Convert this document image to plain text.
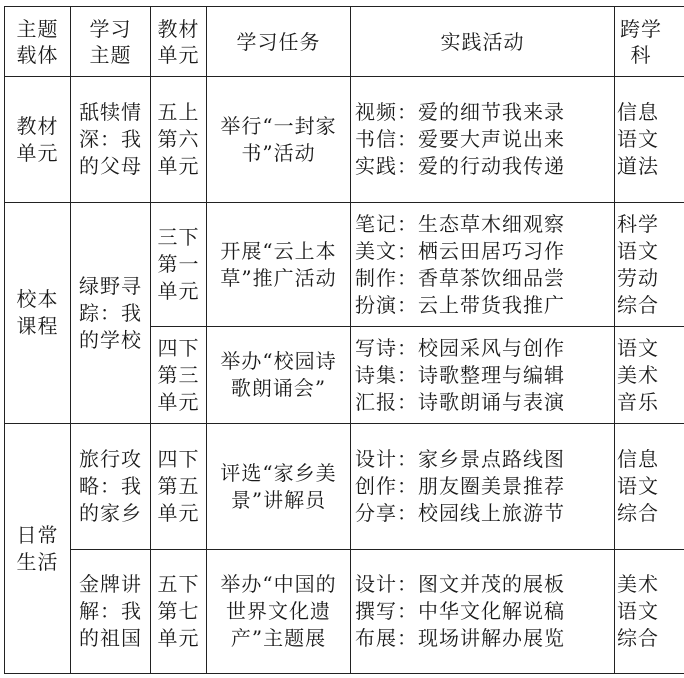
主题载体	学习主题	教材单元	学习任务	实践活动	跨学科

教材单元	舐犊情深：我的父母	五上第六单元	举行“一封家书”活动	视频：爱的细节我来录
书信：爱要大声说出来
实践：爱的行动我传递	信息
语文
道法

校本课程	绿野寻踪：我的学校	三下第一单元	开展“云上本草”推广活动	笔记：生态草木细观察
美文：栖云田居巧习作
制作：香草茶饮细品尝
扮演：云上带货我推广	科学
语文
劳动
综合

		四下第三单元	举办“校园诗歌朗诵会”	写诗：校园采风与创作
诗集：诗歌整理与编辑
汇报：诗歌朗诵与表演	语文
美术
音乐

日常生活	旅行攻略：我的家乡	四下第五单元	评选“家乡美景”讲解员	设计：家乡景点路线图
创作：朋友圈美景推荐
分享：校园线上旅游节	信息
语文
综合

	金牌讲解：我的祖国	五下第七单元	举办“中国的世界文化遗产”主题展	设计：图文并茂的展板
撰写：中华文化解说稿
布展：现场讲解办展览	美术
语文
综合
